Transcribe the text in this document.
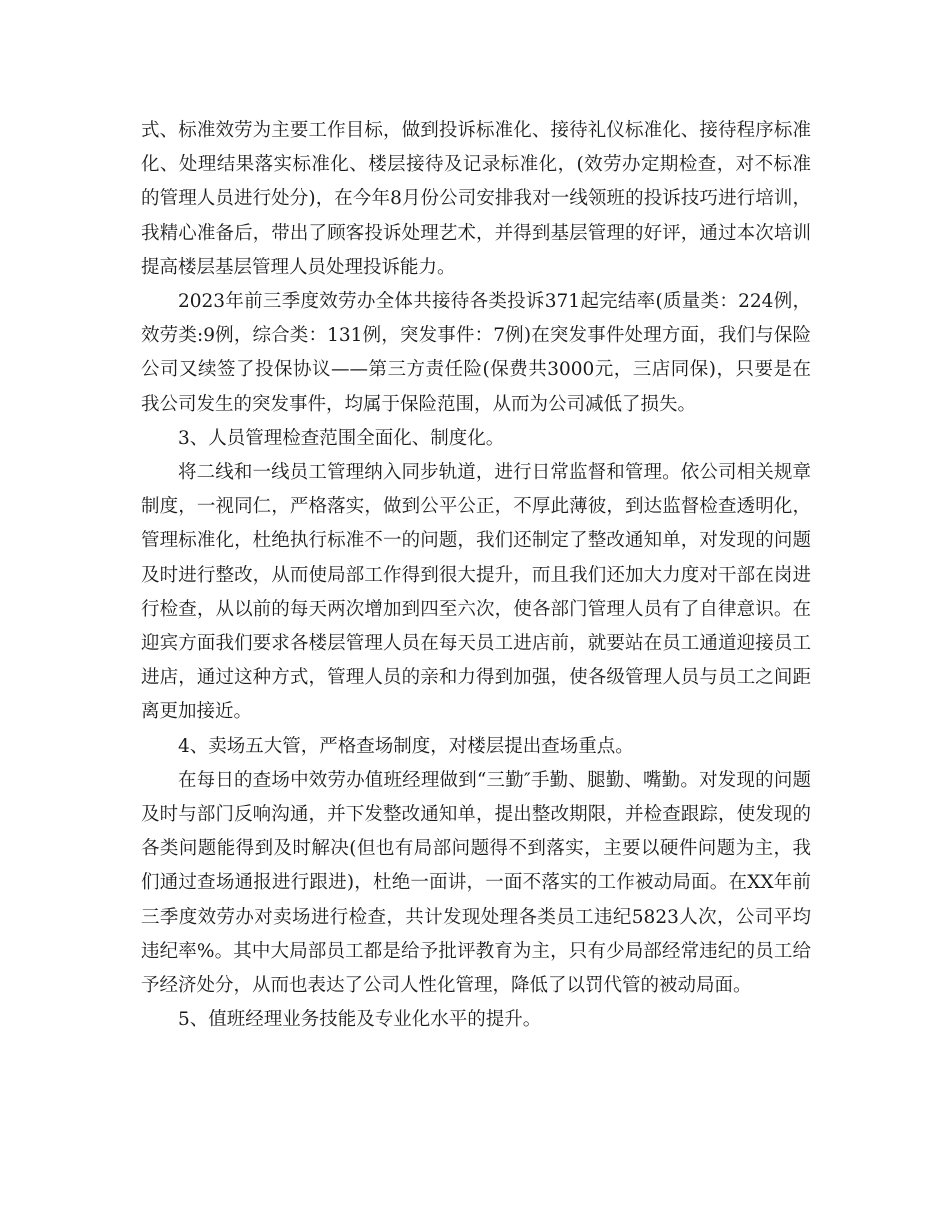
式、标准效劳为主要工作目标，做到投诉标准化、接待礼仪标准化、接待程序标准化、处理结果落实标准化、楼层接待及记录标准化，(效劳办定期检查，对不标准的管理人员进行处分)，在今年8月份公司安排我对一线领班的投诉技巧进行培训，我精心准备后，带出了顾客投诉处理艺术，并得到基层管理的好评，通过本次培训提高楼层基层管理人员处理投诉能力。

2023年前三季度效劳办全体共接待各类投诉371起完结率(质量类：224例，效劳类:9例，综合类：131例，突发事件：7例)在突发事件处理方面，我们与保险公司又续签了投保协议——第三方责任险(保费共3000元，三店同保)，只要是在我公司发生的突发事件，均属于保险范围，从而为公司减低了损失。

3、人员管理检查范围全面化、制度化。

将二线和一线员工管理纳入同步轨道，进行日常监督和管理。依公司相关规章制度，一视同仁，严格落实，做到公平公正，不厚此薄彼，到达监督检查透明化，管理标准化，杜绝执行标准不一的问题，我们还制定了整改通知单，对发现的问题及时进行整改，从而使局部工作得到很大提升，而且我们还加大力度对干部在岗进行检查，从以前的每天两次增加到四至六次，使各部门管理人员有了自律意识。在迎宾方面我们要求各楼层管理人员在每天员工进店前，就要站在员工通道迎接员工进店，通过这种方式，管理人员的亲和力得到加强，使各级管理人员与员工之间距离更加接近。

4、卖场五大管，严格查场制度，对楼层提出查场重点。

在每日的查场中效劳办值班经理做到“三勤″手勤、腿勤、嘴勤。对发现的问题及时与部门反响沟通，并下发整改通知单，提出整改期限，并检查跟踪，使发现的各类问题能得到及时解决(但也有局部问题得不到落实，主要以硬件问题为主，我们通过查场通报进行跟进)，杜绝一面讲，一面不落实的工作被动局面。在XX年前三季度效劳办对卖场进行检查，共计发现处理各类员工违纪5823人次，公司平均违纪率%。其中大局部员工都是给予批评教育为主，只有少局部经常违纪的员工给予经济处分，从而也表达了公司人性化管理，降低了以罚代管的被动局面。

5、值班经理业务技能及专业化水平的提升。
